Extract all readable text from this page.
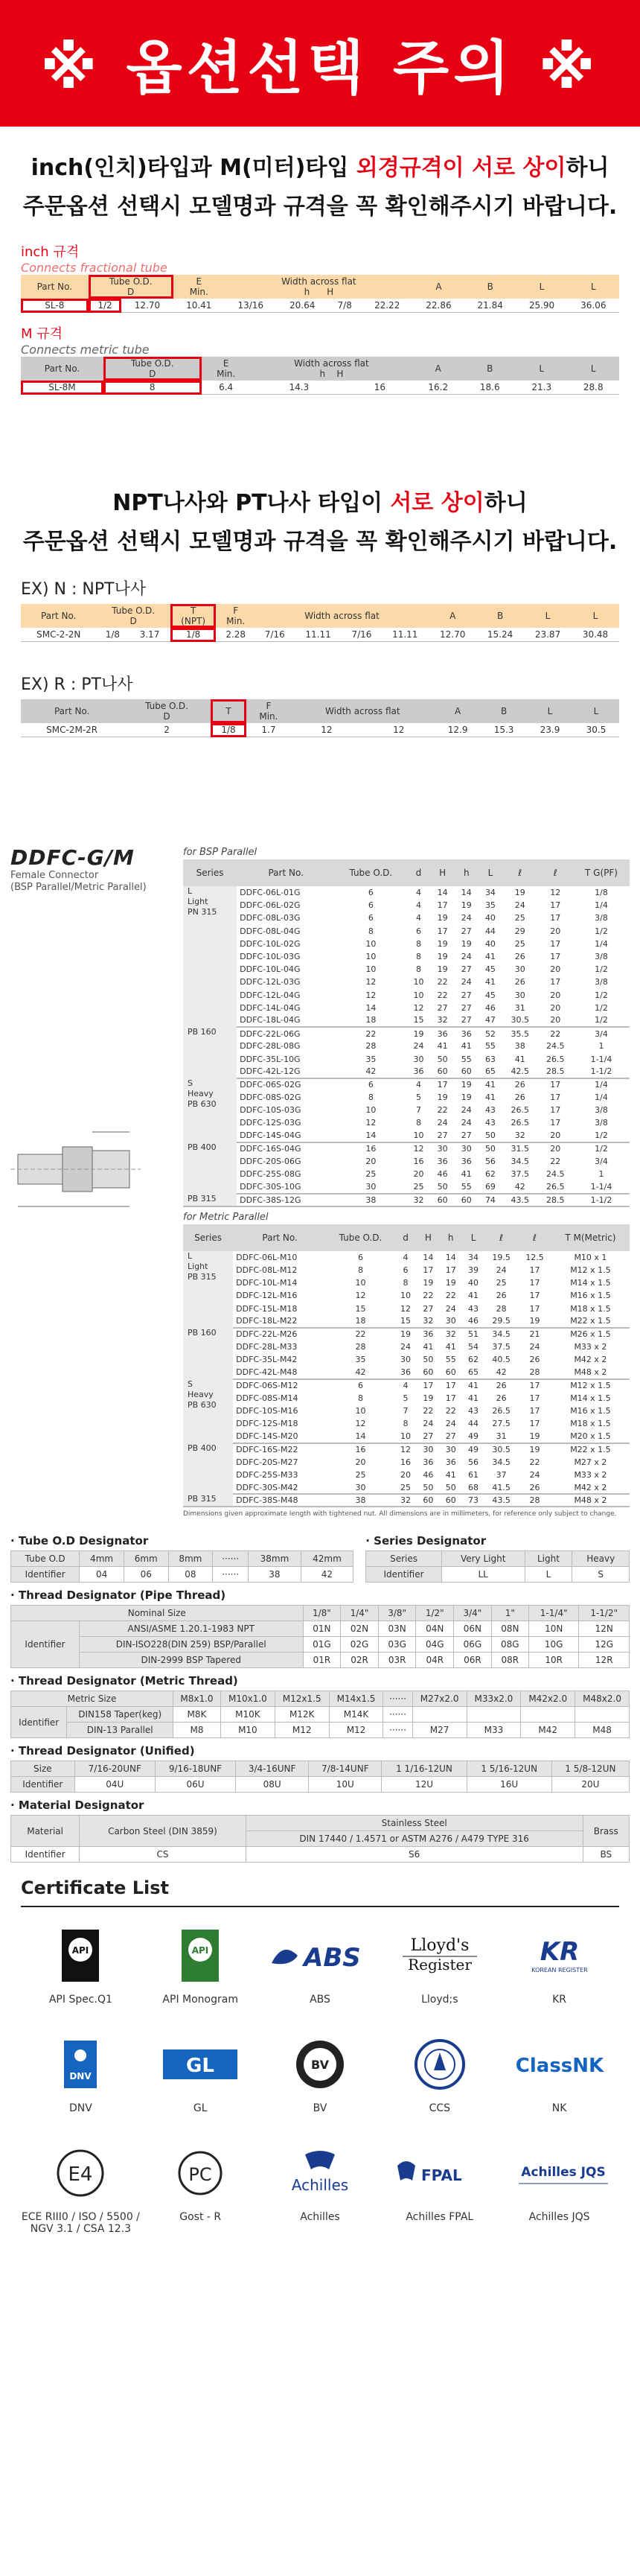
※ 옵션선택 주의 ※
inch(인치)타입과 M(미터)타입 외경규격이 서로 상이하니
주문옵션 선택시 모델명과 규격을 꼭 확인해주시기 바랍니다.
inch 규격
Connects fractional tube
Part No.	Tube O.D.
D		E
Min.	Width across flat
h H				A	B	L	L
SL-8	1/2	12.70	10.41	13/16	20.64	7/8	22.22	22.86	21.84	25.90	36.06
M 규격
Connects metric tube
Part No.	Tube O.D.
D	E
Min.	Width across flat
h H		A	B	L	L
SL-8M	8	6.4	14.3	16	16.2	18.6	21.3	28.8
NPT나사와 PT나사 타입이 서로 상이하니
주문옵션 선택시 모델명과 규격을 꼭 확인해주시기 바랍니다.
EX) N : NPT나사
Part No.	Tube O.D.
D		T
(NPT)	F
Min.	Width across flat				A	B	L	L
SMC-2-2N	1/8	3.17	1/8	2.28	7/16	11.11	7/16	11.11	12.70	15.24	23.87	30.48
EX) R : PT나사
Part No.	Tube O.D.
D	T	F
Min.	Width across flat		A	B	L	L
SMC-2M-2R	2	1/8	1.7	12	12	12.9	15.3	23.9	30.5
DDFC-G/M
Female Connector
(BSP Parallel/Metric Parallel)
for BSP Parallel
Series	Part No.	Tube O.D.	d	H	h	L	ℓ	ℓ	T G(PF)
L
Light
PN 315	DDFC-06L-01G	6	4	14	14	34	19	12	1/8
	DDFC-06L-02G	6	4	17	19	35	24	17	1/4
	DDFC-08L-03G	6	4	19	24	40	25	17	3/8
	DDFC-08L-04G	8	6	17	27	44	29	20	1/2
	DDFC-10L-02G	10	8	19	19	40	25	17	1/4
	DDFC-10L-03G	10	8	19	24	41	26	17	3/8
	DDFC-10L-04G	10	8	19	27	45	30	20	1/2
	DDFC-12L-03G	12	10	22	24	41	26	17	3/8
	DDFC-12L-04G	12	10	22	27	45	30	20	1/2
	DDFC-14L-04G	14	12	27	27	46	31	20	1/2
	DDFC-18L-04G	18	15	32	27	47	30.5	20	1/2
PB 160	DDFC-22L-06G	22	19	36	36	52	35.5	22	3/4
	DDFC-28L-08G	28	24	41	41	55	38	24.5	1
	DDFC-35L-10G	35	30	50	55	63	41	26.5	1-1/4
	DDFC-42L-12G	42	36	60	60	65	42.5	28.5	1-1/2
S
Heavy
PB 630	DDFC-06S-02G	6	4	17	19	41	26	17	1/4
	DDFC-08S-02G	8	5	19	19	41	26	17	1/4
	DDFC-10S-03G	10	7	22	24	43	26.5	17	3/8
	DDFC-12S-03G	12	8	24	24	43	26.5	17	3/8
	DDFC-14S-04G	14	10	27	27	50	32	20	1/2
PB 400	DDFC-16S-04G	16	12	30	30	50	31.5	20	1/2
	DDFC-20S-06G	20	16	36	36	56	34.5	22	3/4
	DDFC-25S-08G	25	20	46	41	62	37.5	24.5	1
	DDFC-30S-10G	30	25	50	55	69	42	26.5	1-1/4
PB 315	DDFC-38S-12G	38	32	60	60	74	43.5	28.5	1-1/2
for Metric Parallel
Series	Part No.	Tube O.D.	d	H	h	L	ℓ	ℓ	T M(Metric)
L
Light
PB 315	DDFC-06L-M10	6	4	14	14	34	19.5	12.5	M10 x 1
	DDFC-08L-M12	8	6	17	17	39	24	17	M12 x 1.5
	DDFC-10L-M14	10	8	19	19	40	25	17	M14 x 1.5
	DDFC-12L-M16	12	10	22	22	41	26	17	M16 x 1.5
	DDFC-15L-M18	15	12	27	24	43	28	17	M18 x 1.5
	DDFC-18L-M22	18	15	32	30	46	29.5	19	M22 x 1.5
PB 160	DDFC-22L-M26	22	19	36	32	51	34.5	21	M26 x 1.5
	DDFC-28L-M33	28	24	41	41	54	37.5	24	M33 x 2
	DDFC-35L-M42	35	30	50	55	62	40.5	26	M42 x 2
	DDFC-42L-M48	42	36	60	60	65	42	28	M48 x 2
S
Heavy
PB 630	DDFC-06S-M12	6	4	17	17	41	26	17	M12 x 1.5
	DDFC-08S-M14	8	5	19	17	41	26	17	M14 x 1.5
	DDFC-10S-M16	10	7	22	22	43	26.5	17	M16 x 1.5
	DDFC-12S-M18	12	8	24	24	44	27.5	17	M18 x 1.5
	DDFC-14S-M20	14	10	27	27	49	31	19	M20 x 1.5
PB 400	DDFC-16S-M22	16	12	30	30	49	30.5	19	M22 x 1.5
	DDFC-20S-M27	20	16	36	36	56	34.5	22	M27 x 2
	DDFC-25S-M33	25	20	46	41	61	37	24	M33 x 2
	DDFC-30S-M42	30	25	50	50	68	41.5	26	M42 x 2
PB 315	DDFC-38S-M48	38	32	60	60	73	43.5	28	M48 x 2
Dimensions given approximate length with tightened nut. All dimensions are in millimeters, for reference only subject to change.
· Tube O.D Designator
Tube O.D	4mm	6mm	8mm	······	38mm	42mm
Identifier	04	06	08	······	38	42
· Series Designator
Series	Very Light	Light	Heavy
Identifier	LL	L	S
· Thread Designator (Pipe Thread)
Nominal Size		1/8"	1/4"	3/8"	1/2"	3/4"	1"	1-1/4"	1-1/2"
Identifier	ANSI/ASME 1.20.1-1983 NPT	01N	02N	03N	04N	06N	08N	10N	12N
	DIN-ISO228(DIN 259) BSP/Parallel	01G	02G	03G	04G	06G	08G	10G	12G
	DIN-2999 BSP Tapered	01R	02R	03R	04R	06R	08R	10R	12R
· Thread Designator (Metric Thread)
Metric Size		M8x1.0	M10x1.0	M12x1.5	M14x1.5	······	M27x2.0	M33x2.0	M42x2.0	M48x2.0
Identifier	DIN158 Taper(keg)	M8K	M10K	M12K	M14K	······				
	DIN-13 Parallel	M8	M10	M12	M12	······	M27	M33	M42	M48
· Thread Designator (Unified)
Size	7/16-20UNF	9/16-18UNF	3/4-16UNF	7/8-14UNF	1 1/16-12UN	1 5/16-12UN	1 5/8-12UN
Identifier	04U	06U	08U	10U	12U	16U	20U
· Material Designator
Material	Carbon Steel (DIN 3859)	Stainless Steel	Brass
		DIN 17440 / 1.4571 or ASTM A276 / A479 TYPE 316	
Identifier	CS	S6	BS
Certificate List
API
API Spec.Q1
API
API Monogram
ABS
ABS
Lloyd's
Register
Lloyd;s
KR
KOREAN REGISTER
KR
DNV
DNV
GL
GL
BV
BV	CCS
ClassNK
NK
E4
ECE RIII0 / ISO / 5500 / NGV 3.1 / CSA 12.3
PC
Gost - R
Achilles
Achilles
FPAL
Achilles FPAL
Achilles JQS
Achilles JQS
